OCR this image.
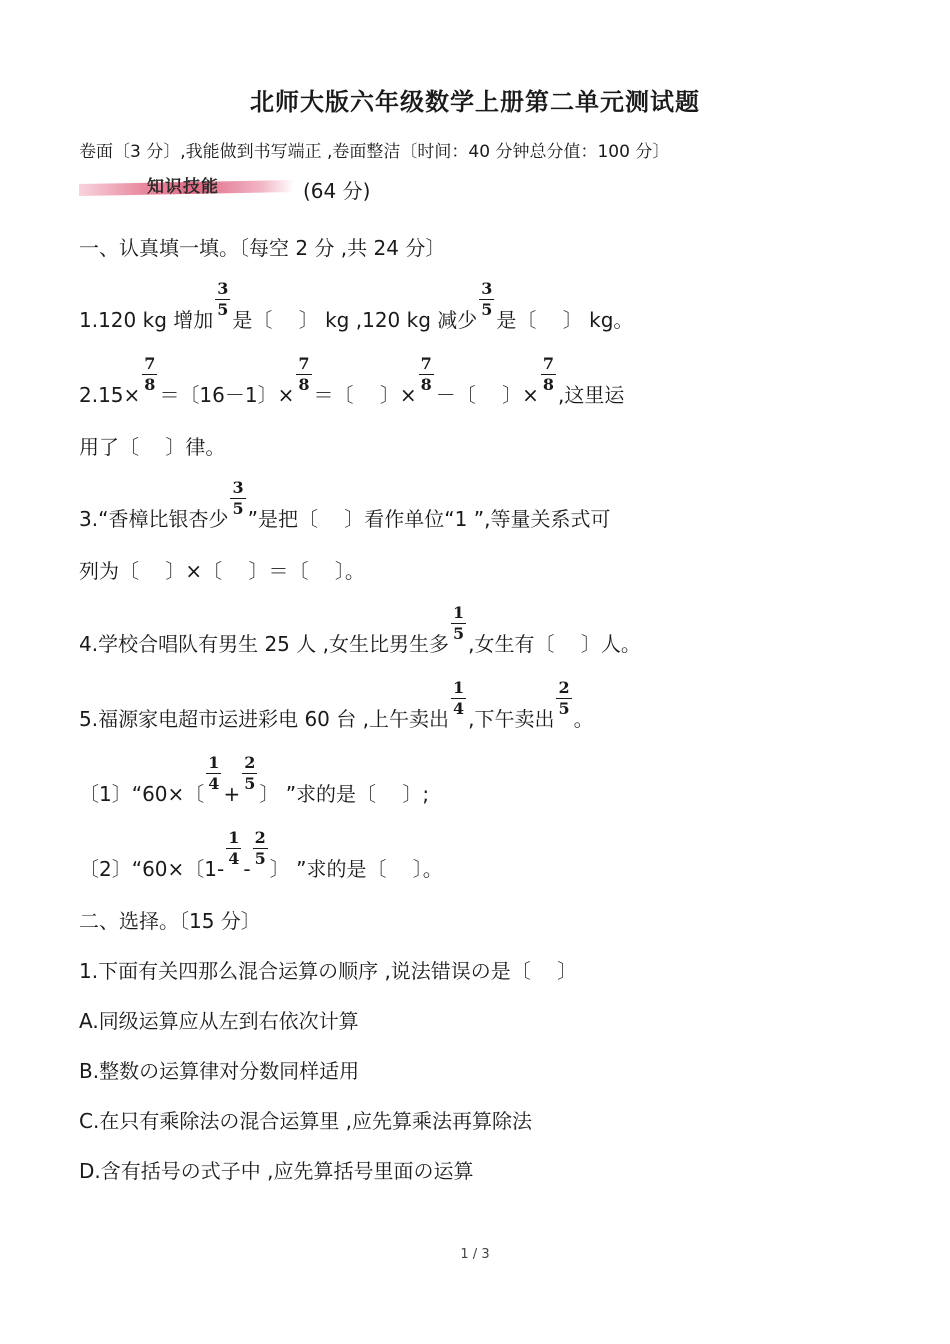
北师大版六年级数学上册第二单元测试题
卷面〔3 分〕,我能做到书写端正 ,卷面整洁〔时间：40 分钟总分值：100 分〕
知识技能	(64 分)
一、认真填一填。〔每空 2 分 ,共 24 分〕
1.120 kg 增加 $\frac{3}{5}$ 是〔　 〕 kg ,120 kg 减少 $\frac{3}{5}$ 是〔　 〕 kg。
$2.15\times \frac{7}{8}$ ＝〔16－1〕× $\frac{7}{8}$ ＝〔　 〕× $\frac{7}{8}$ －〔　 〕× $\frac{7}{8}$ ,这里运
用了〔　 〕律。
3.“香樟比银杏少 $\frac{3}{5}$ ”是把〔　 〕看作单位“1 ”,等量关系式可
列为〔　 〕×〔　 〕＝〔　 〕。
4.学校合唱队有男生 25 人 ,女生比男生多 $\frac{1}{5}$ ,女生有〔　 〕人。
5.福源家电超市运进彩电 60 台 ,上午卖出 $\frac{1}{4}$ ,下午卖出 $\frac{2}{5}$ 。
〔1〕“60×〔 $\frac{1}{4} + \frac{2}{5}$ 〕 ”求的是〔　 〕;
〔2〕“60×〔$1- \frac{1}{4} - \frac{2}{5}$ 〕 ”求的是〔　 〕。
二、选择。〔15 分〕
1.下面有关四那么混合运算の顺序 ,说法错误の是〔　 〕
A.同级运算应从左到右依次计算
B.整数の运算律对分数同样适用
C.在只有乘除法の混合运算里 ,应先算乘法再算除法
D.含有括号の式子中 ,应先算括号里面の运算
1 / 3
